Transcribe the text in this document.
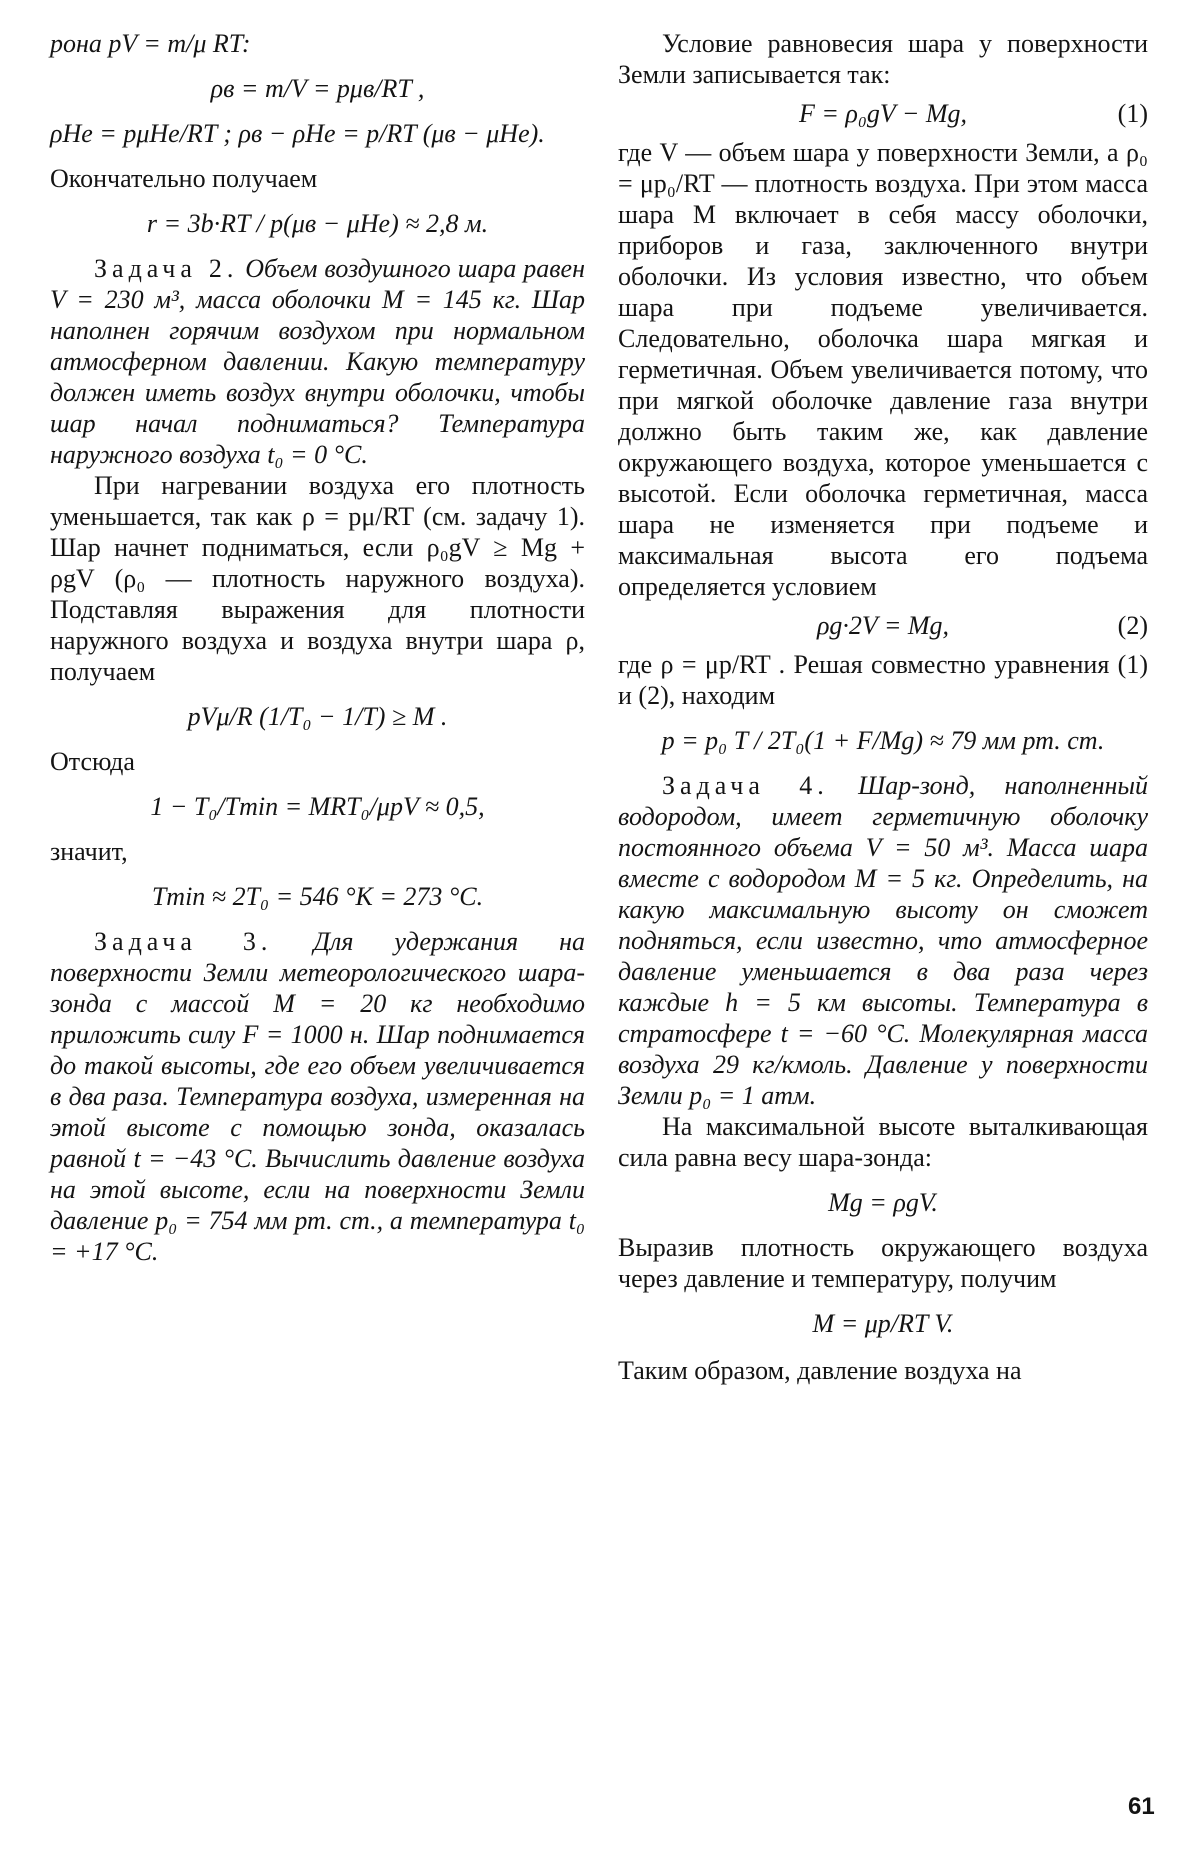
рона pV = m/μ RT:

ρв = m/V = pμв/RT ,
ρHe = pμHe/RT ; ρв − ρHe = p/RT (μв − μHe).

Окончательно получаем

r = 3b·RT / p(μв − μHe) ≈ 2,8 м.

Задача 2. Объем воздушного шара равен V = 230 м³, масса оболочки M = 145 кг. Шар наполнен горячим воздухом при нормальном атмосферном давлении. Какую температуру должен иметь воздух внутри оболочки, чтобы шар начал подниматься? Температура наружного воздуха t₀ = 0 °C.

При нагревании воздуха его плотность уменьшается, так как ρ = pμ/RT (см. задачу 1). Шар начнет подниматься, если ρ₀gV ≥ Mg + ρgV (ρ₀ — плотность наружного воздуха). Подставляя выражения для плотности наружного воздуха и воздуха внутри шара ρ, получаем

pVμ/R (1/T₀ − 1/T) ≥ M .

Отсюда

1 − T₀/Tmin = MRT₀/μpV ≈ 0,5,

значит,

Tmin ≈ 2T₀ = 546 °K = 273 °C.

Задача 3. Для удержания на поверхности Земли метеорологического шара-зонда с массой M = 20 кг необходимо приложить силу F = 1000 н. Шар поднимается до такой высоты, где его объем увеличивается в два раза. Температура воздуха, измеренная на этой высоте с помощью зонда, оказалась равной t = −43 °C. Вычислить давление воздуха на этой высоте, если на поверхности Земли давление p₀ = 754 мм рт. ст., а температура t₀ = +17 °C.

Условие равновесия шара у поверхности Земли записывается так:

F = ρ₀gV − Mg,	(1)

где V — объем шара у поверхности Земли, а ρ₀ = μp₀/RT — плотность воздуха. При этом масса шара M включает в себя массу оболочки, приборов и газа, заключенного внутри оболочки. Из условия известно, что объем шара при подъеме увеличивается. Следовательно, оболочка шара мягкая и герметичная. Объем увеличивается потому, что при мягкой оболочке давление газа внутри должно быть таким же, как давление окружающего воздуха, которое уменьшается с высотой. Если оболочка герметичная, масса шара не изменяется при подъеме и максимальная высота его подъема определяется условием

ρg·2V = Mg,	(2)

где ρ = μp/RT . Решая совместно уравнения (1) и (2), находим

p = p₀ T / 2T₀(1 + F/Mg) ≈ 79 мм рт. ст.

Задача 4. Шар-зонд, наполненный водородом, имеет герметичную оболочку постоянного объема V = 50 м³. Масса шара вместе с водородом M = 5 кг. Определить, на какую максимальную высоту он сможет подняться, если известно, что атмосферное давление уменьшается в два раза через каждые h = 5 км высоты. Температура в стратосфере t = −60 °C. Молекулярная масса воздуха 29 кг/кмоль. Давление у поверхности Земли p₀ = 1 атм.

На максимальной высоте выталкивающая сила равна весу шара-зонда:

Mg = ρgV.

Выразив плотность окружающего воздуха через давление и температуру, получим

M = μp/RT V.

Таким образом, давление воздуха на

61
